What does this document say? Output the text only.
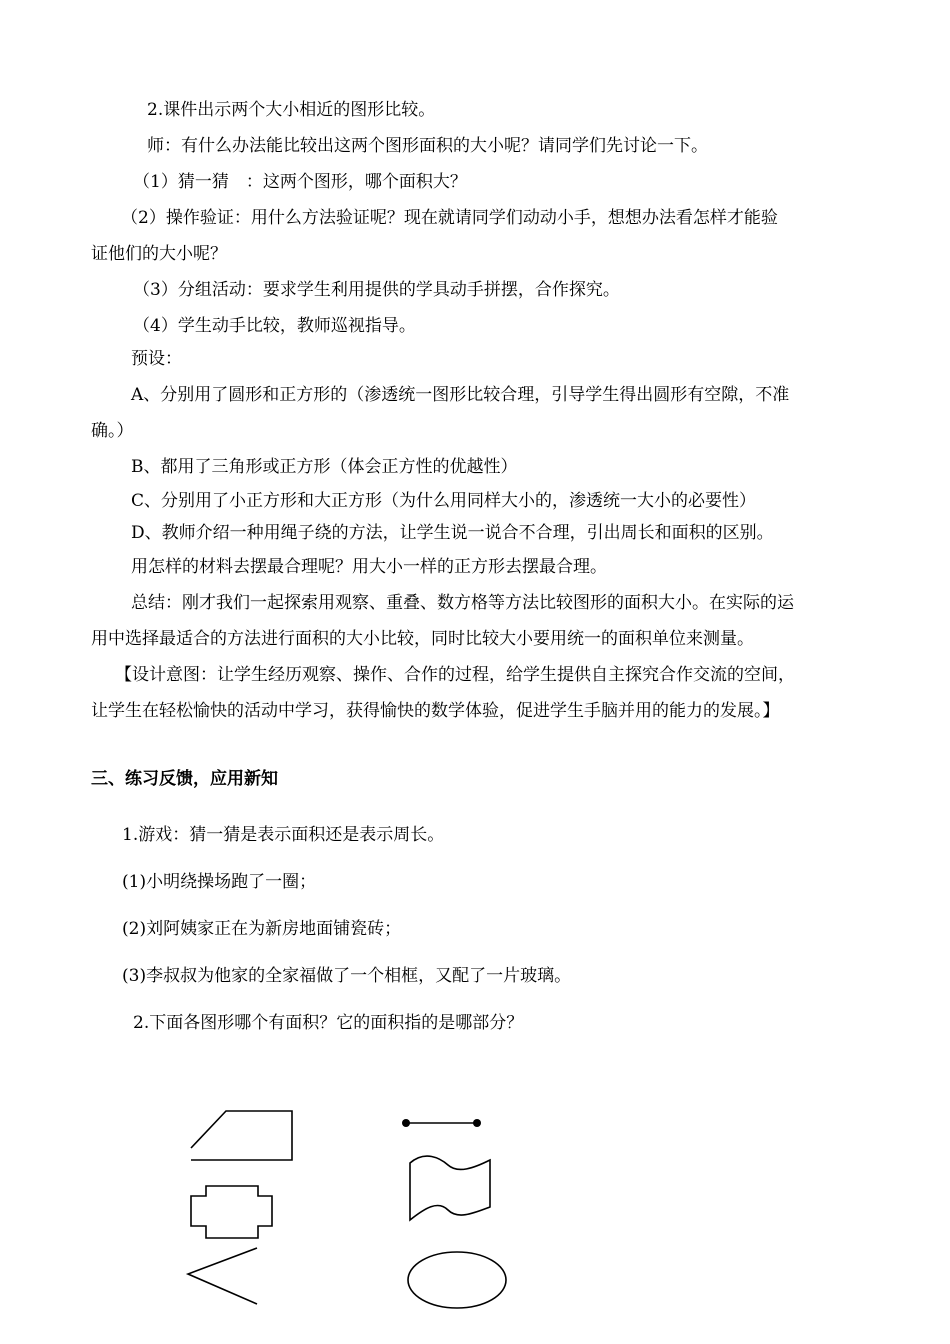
2.课件出示两个大小相近的图形比较。
师：有什么办法能比较出这两个图形面积的大小呢？请同学们先讨论一下。
（1）猜一猜　：这两个图形，哪个面积大？
（2）操作验证：用什么方法验证呢？现在就请同学们动动小手，想想办法看怎样才能验
证他们的大小呢？
（3）分组活动：要求学生利用提供的学具动手拼摆，合作探究。
（4）学生动手比较，教师巡视指导。
预设：
A、分别用了圆形和正方形的（渗透统一图形比较合理，引导学生得出圆形有空隙，不准
确。）
B、都用了三角形或正方形（体会正方性的优越性）
C、分别用了小正方形和大正方形（为什么用同样大小的，渗透统一大小的必要性）
D、教师介绍一种用绳子绕的方法，让学生说一说合不合理，引出周长和面积的区别。
用怎样的材料去摆最合理呢？用大小一样的正方形去摆最合理。
总结：刚才我们一起探索用观察、重叠、数方格等方法比较图形的面积大小。在实际的运
用中选择最适合的方法进行面积的大小比较，同时比较大小要用统一的面积单位来测量。
【设计意图：让学生经历观察、操作、合作的过程，给学生提供自主探究合作交流的空间，
让学生在轻松愉快的活动中学习，获得愉快的数学体验，促进学生手脑并用的能力的发展。】
三、练习反馈，应用新知
1.游戏：猜一猜是表示面积还是表示周长。
(1)小明绕操场跑了一圈；
(2)刘阿姨家正在为新房地面铺瓷砖；
(3)李叔叔为他家的全家福做了一个相框，又配了一片玻璃。
2.下面各图形哪个有面积？它的面积指的是哪部分？
